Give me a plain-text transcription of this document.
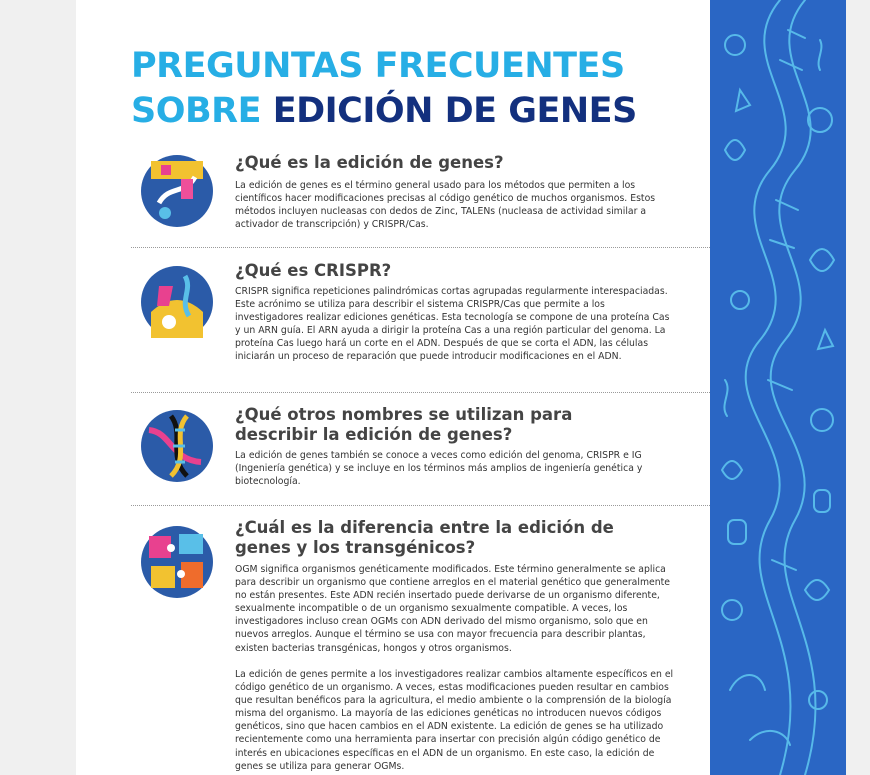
PREGUNTAS FRECUENTES
SOBRE EDICIÓN DE GENES
¿Qué es la edición de genes?

La edición de genes es el término general usado para los métodos que permiten a los científicos hacer modificaciones precisas al código genético de muchos organismos. Estos métodos incluyen nucleasas con dedos de Zinc, TALENs (nucleasa de actividad similar a activador de transcripción) y CRISPR/Cas.

¿Qué es CRISPR?

CRISPR significa repeticiones palindrómicas cortas agrupadas regularmente interespaciadas. Este acrónimo se utiliza para describir el sistema CRISPR/Cas que permite a los investigadores realizar ediciones genéticas. Esta tecnología se compone de una proteína Cas y un ARN guía. El ARN ayuda a dirigir la proteína Cas a una región particular del genoma. La proteína Cas luego hará un corte en el ADN. Después de que se corta el ADN, las células iniciarán un proceso de reparación que puede introducir modificaciones en el ADN.

¿Qué otros nombres se utilizan para describir la edición de genes?

La edición de genes también se conoce a veces como edición del genoma, CRISPR e IG (Ingeniería genética) y se incluye en los términos más amplios de ingeniería genética y biotecnología.

¿Cuál es la diferencia entre la edición de genes y los transgénicos?

OGM significa organismos genéticamente modificados. Este término generalmente se aplica para describir un organismo que contiene arreglos en el material genético que generalmente no están presentes. Este ADN recién insertado puede derivarse de un organismo diferente, sexualmente incompatible o de un organismo sexualmente compatible. A veces, los investigadores incluso crean OGMs con ADN derivado del mismo organismo, solo que en nuevos arreglos. Aunque el término se usa con mayor frecuencia para describir plantas, existen bacterias transgénicas, hongos y otros organismos.

La edición de genes permite a los investigadores realizar cambios altamente específicos en el código genético de un organismo. A veces, estas modificaciones pueden resultar en cambios que resultan benéficos para la agricultura, el medio ambiente o la comprensión de la biología misma del organismo. La mayoría de las ediciones genéticas no introducen nuevos códigos genéticos, sino que hacen cambios en el ADN existente. La edición de genes se ha utilizado recientemente como una herramienta para insertar con precisión algún código genético de interés en ubicaciones específicas en el ADN de un organismo. En este caso, la edición de genes se utiliza para generar OGMs.
